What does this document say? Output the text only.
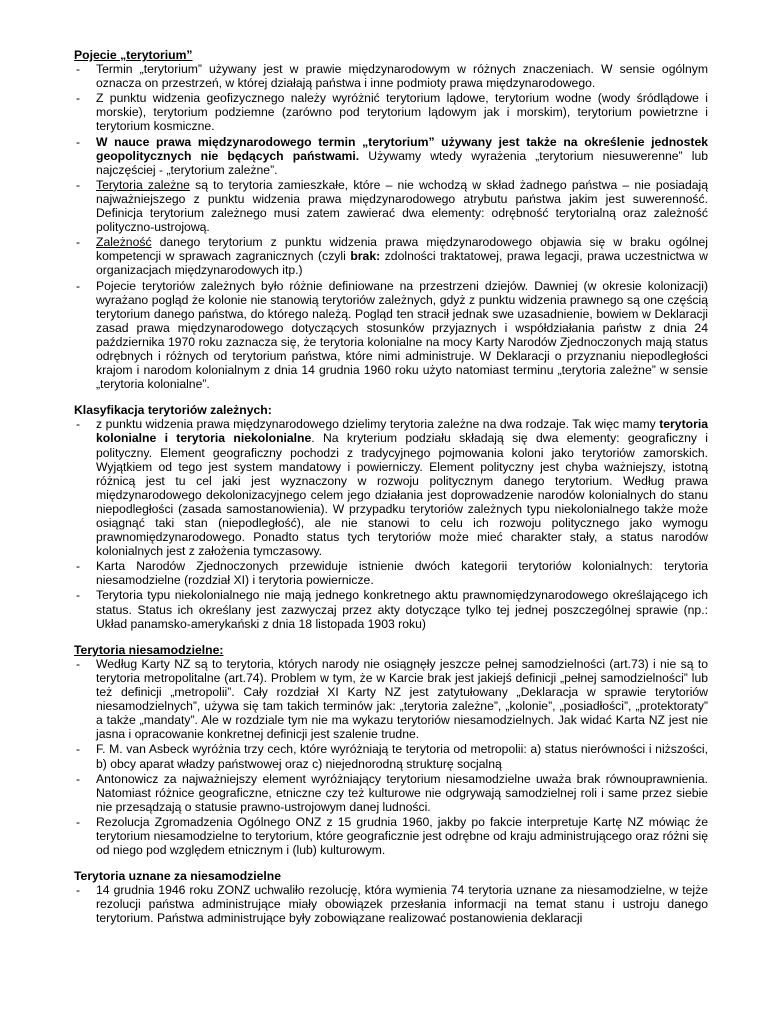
Pojecie „terytorium”
- Termin „terytorium” używany jest w prawie międzynarodowym w różnych znaczeniach. W sensie ogólnym oznacza on przestrzeń, w której działają państwa i inne podmioty prawa międzynarodowego.
- Z punktu widzenia geofizycznego należy wyróżnić terytorium lądowe, terytorium wodne (wody śródlądowe i morskie), terytorium podziemne (zarówno pod terytorium lądowym jak i morskim), terytorium powietrzne i terytorium kosmiczne.
- W nauce prawa międzynarodowego termin „terytorium” używany jest także na określenie jednostek geopolitycznych nie będących państwami. Używamy wtedy wyrażenia „terytorium niesuwerenne” lub najczęściej - „terytorium zależne”.
- Terytoria zależne są to terytoria zamieszkałe, które – nie wchodzą w skład żadnego państwa – nie posiadają najważniejszego z punktu widzenia prawa międzynarodowego atrybutu państwa jakim jest suwerenność. Definicja terytorium zależnego musi zatem zawierać dwa elementy: odrębność terytorialną oraz zależność polityczno-ustrojową.
- Zależność danego terytorium z punktu widzenia prawa międzynarodowego objawia się w braku ogólnej kompetencji w sprawach zagranicznych (czyli brak: zdolności traktatowej, prawa legacji, prawa uczestnictwa w organizacjach międzynarodowych itp.)
- Pojecie terytoriów zależnych było różnie definiowane na przestrzeni dziejów. Dawniej (w okresie kolonizacji) wyrażano pogląd że kolonie nie stanowią terytoriów zależnych, gdyż z punktu widzenia prawnego są one częścią terytorium danego państwa, do którego należą. Pogląd ten stracił jednak swe uzasadnienie, bowiem w Deklaracji zasad prawa międzynarodowego dotyczących stosunków przyjaznych i współdziałania państw z dnia 24 października 1970 roku zaznacza się, że terytoria kolonialne na mocy Karty Narodów Zjednoczonych mają status odrębnych i różnych od terytorium państwa, które nimi administruje. W Deklaracji o przyznaniu niepodległości krajom i narodom kolonialnym z dnia 14 grudnia 1960 roku użyto natomiast terminu „terytoria zależne” w sensie „terytoria kolonialne”.
Klasyfikacja terytoriów zależnych:
- z punktu widzenia prawa międzynarodowego dzielimy terytoria zależne na dwa rodzaje. Tak więc mamy terytoria kolonialne i terytoria niekolonialne. Na kryterium podziału składają się dwa elementy: geograficzny i polityczny. Element geograficzny pochodzi z tradycyjnego pojmowania koloni jako terytoriów zamorskich. Wyjątkiem od tego jest system mandatowy i powierniczy. Element polityczny jest chyba ważniejszy, istotną różnicą jest tu cel jaki jest wyznaczony w rozwoju politycznym danego terytorium. Według prawa międzynarodowego dekolonizacyjnego celem jego działania jest doprowadzenie narodów kolonialnych do stanu niepodległości (zasada samostanowienia). W przypadku terytoriów zależnych typu niekolonialnego także może osiągnąć taki stan (niepodległość), ale nie stanowi to celu ich rozwoju politycznego jako wymogu prawnomiędzynarodowego. Ponadto status tych terytoriów może mieć charakter stały, a status narodów kolonialnych jest z założenia tymczasowy.
- Karta Narodów Zjednoczonych przewiduje istnienie dwóch kategorii terytoriów kolonialnych: terytoria niesamodzielne (rozdział XI) i terytoria powiernicze.
- Terytoria typu niekolonialnego nie mają jednego konkretnego aktu prawnomiędzynarodowego określającego ich status. Status ich określany jest zazwyczaj przez akty dotyczące tylko tej jednej poszczególnej sprawie (np.: Układ panamsko-amerykański z dnia 18 listopada 1903 roku)
Terytoria niesamodzielne:
- Według Karty NZ są to terytoria, których narody nie osiągnęły jeszcze pełnej samodzielności (art.73) i nie są to terytoria metropolitalne (art.74). Problem w tym, że w Karcie brak jest jakiejś definicji „pełnej samodzielności” lub też definicji „metropolii”. Cały rozdział XI Karty NZ jest zatytułowany „Deklaracja w sprawie terytoriów niesamodzielnych”, używa się tam takich terminów jak: „terytoria zależne”, „kolonie”, „posiadłości”, „protektoraty” a także „mandaty”. Ale w rozdziale tym nie ma wykazu terytoriów niesamodzielnych. Jak widać Karta NZ jest nie jasna i opracowanie konkretnej definicji jest szalenie trudne.
- F. M. van Asbeck wyróżnia trzy cech, które wyróżniają te terytoria od metropolii: a) status nierówności i niższości, b) obcy aparat władzy państwowej oraz c) niejednorodną strukturę socjalną
- Antonowicz za najważniejszy element wyróżniający terytorium niesamodzielne uważa brak równouprawnienia. Natomiast różnice geograficzne, etniczne czy też kulturowe nie odgrywają samodzielnej roli i same przez siebie nie przesądzają o statusie prawno-ustrojowym danej ludności.
- Rezolucja Zgromadzenia Ogólnego ONZ z 15 grudnia 1960, jakby po fakcie interpretuje Kartę NZ mówiąc że terytorium niesamodzielne to terytorium, które geograficznie jest odrębne od kraju administrującego oraz różni się od niego pod względem etnicznym i (lub) kulturowym.
Terytoria uznane za niesamodzielne
- 14 grudnia 1946 roku ZONZ uchwaliło rezolucję, która wymienia 74 terytoria uznane za niesamodzielne, w tejże rezolucji państwa administrujące miały obowiązek przesłania informacji na temat stanu i ustroju danego terytorium. Państwa administrujące były zobowiązane realizować postanowienia deklaracji
